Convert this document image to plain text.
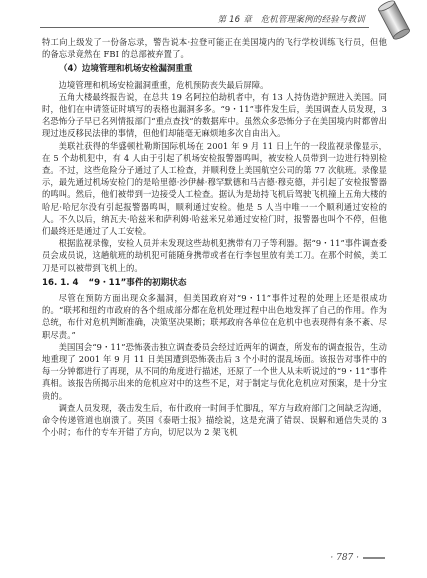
第 16 章　危机管理案例的经验与教训

特工向上级发了一份备忘录，警告说本·拉登可能正在美国境内的飞行学校训练飞行员，但他的备忘录竟然在 FBI 的总部被弃置了。

（4）边境管理和机场安检漏洞重重

边境管理和机场安检漏洞重重，危机预防丧失最后屏障。

五角大楼最终报告说，在总共 19 名阿拉伯劫机者中，有 13 人持伪造护照进入美国。同时，他们在申请签证时填写的表格也漏洞多多。“9・11”事件发生后，美国调查人员发现，3 名恐怖分子早已名列情报部门“重点查找”的数据库中。虽然众多恐怖分子在美国境内时都曾出现过违反移民法律的事情，但他们却能毫无麻烦地多次自由出入。

美联社获得的华盛顿杜勒斯国际机场在 2001 年 9 月 11 日上午的一段监视录像显示，在 5 个劫机犯中，有 4 人由于引起了机场安检报警器鸣叫，被安检人员带到一边进行特别检查。不过，这些危险分子通过了人工检查，并顺利登上美国航空公司的第 77 次航班。录像显示，最先通过机场安检门的是哈里德·沙伊赫·穆罕默德和马吉德·穆克德，并引起了安检报警器的鸣叫。然后，他们被带到一边接受人工检查。据认为是劫持飞机后驾驶飞机撞上五角大楼的哈尼·哈尼尔没有引起报警器鸣叫，顺利通过安检。他是 5 人当中唯一一个顺利通过安检的人。不久以后，纳瓦夫·哈兹米和萨利姆·哈兹米兄弟通过安检门时，报警器也叫个不停，但他们最终还是通过了人工安检。

根据监视录像，安检人员并未发现这些劫机犯携带有刀子等利器。据“9・11”事件调查委员会成员说，这趟航班的劫机犯可能随身携带或者在行李包里放有美工刀。在那个时候，美工刀是可以被带到飞机上的。

16. 1. 4 “9・11”事件的初期状态

尽管在预防方面出现众多漏洞，但美国政府对“9・11”事件过程的处理上还是很成功的。“联邦和纽约市政府的各个组成部分都在危机处理过程中出色地发挥了自己的作用。作为总统，布什对危机判断准确，决策坚决果断；联邦政府各单位在危机中也表现得有条不紊、尽职尽责。”

美国国会“9・11”恐怖袭击独立调查委员会经过近两年的调查，所发布的调查报告，生动地重现了 2001 年 9 月 11 日美国遭到恐怖袭击后 3 个小时的混乱场面。该报告对事件中的每一分钟都进行了再现，从不同的角度进行描述，还原了一个世人从未听说过的“9・11”事件真相。该报告所揭示出来的危机应对中的这些不足，对于制定与优化危机应对预案，是十分宝贵的。

调查人员发现，袭击发生后，布什政府一时间手忙脚乱，军方与政府部门之间缺乏沟通，命令传递管道也崩溃了。英国《泰晤士报》描绘说，这是充满了错误、误解和通信失灵的 3 个小时；布什的专车开错了方向，切尼以为 2 架飞机

· 787 ·
